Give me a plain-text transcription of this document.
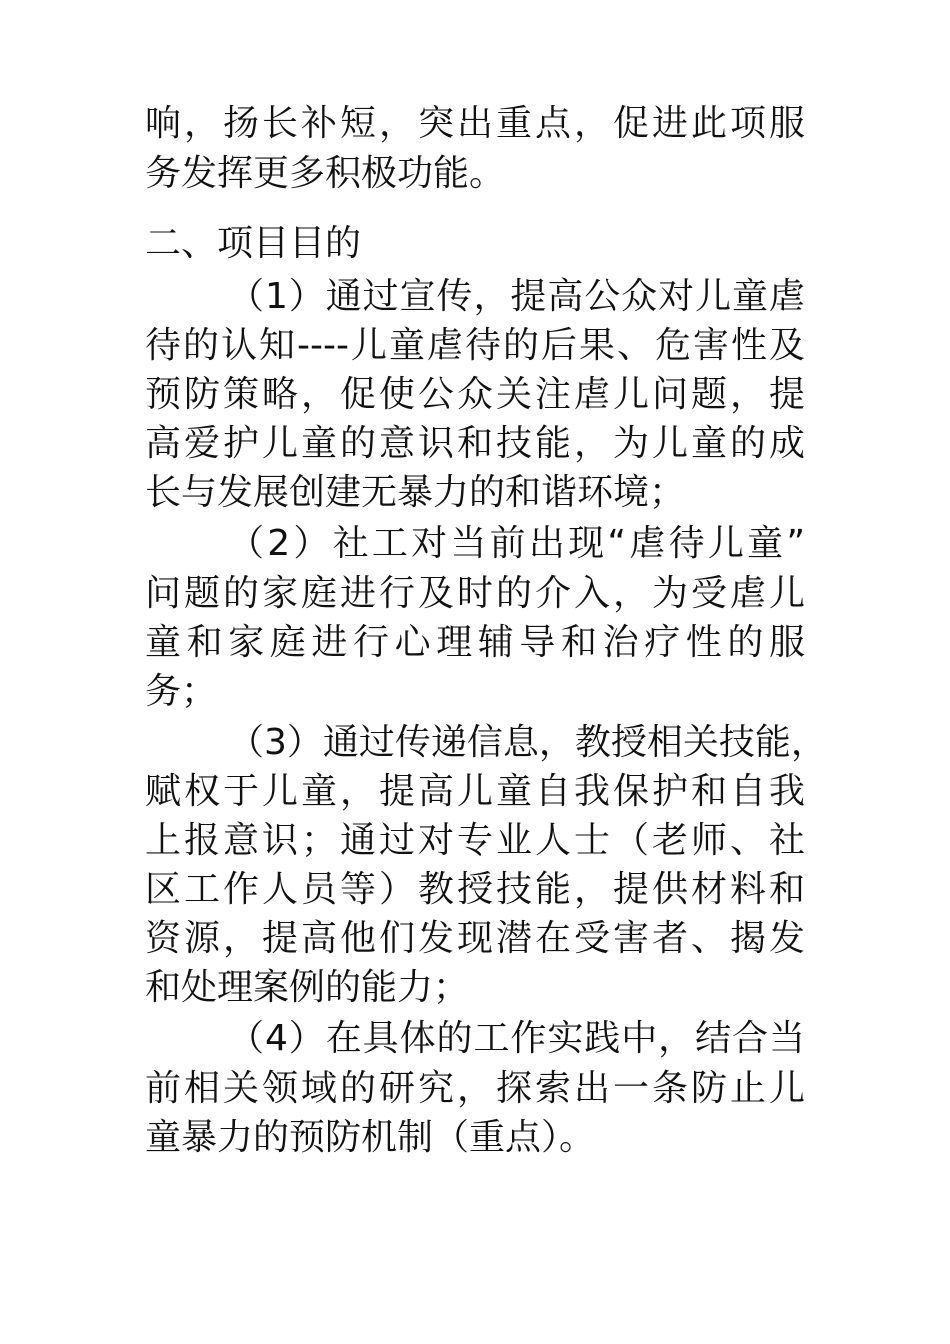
响，扬长补短，突出重点，促进此项服
务发挥更多积极功能。
二、项目目的
（1）通过宣传，提高公众对儿童虐
待的认知----儿童虐待的后果、危害性及
预防策略，促使公众关注虐儿问题，提
高爱护儿童的意识和技能，为儿童的成
长与发展创建无暴力的和谐环境；
（2）社工对当前出现“虐待儿童”
问题的家庭进行及时的介入，为受虐儿
童和家庭进行心理辅导和治疗性的服
务；
（3）通过传递信息，教授相关技能，
赋权于儿童，提高儿童自我保护和自我
上报意识；通过对专业人士（老师、社
区工作人员等）教授技能，提供材料和
资源，提高他们发现潜在受害者、揭发
和处理案例的能力；
（4）在具体的工作实践中，结合当
前相关领域的研究，探索出一条防止儿
童暴力的预防机制（重点）。
